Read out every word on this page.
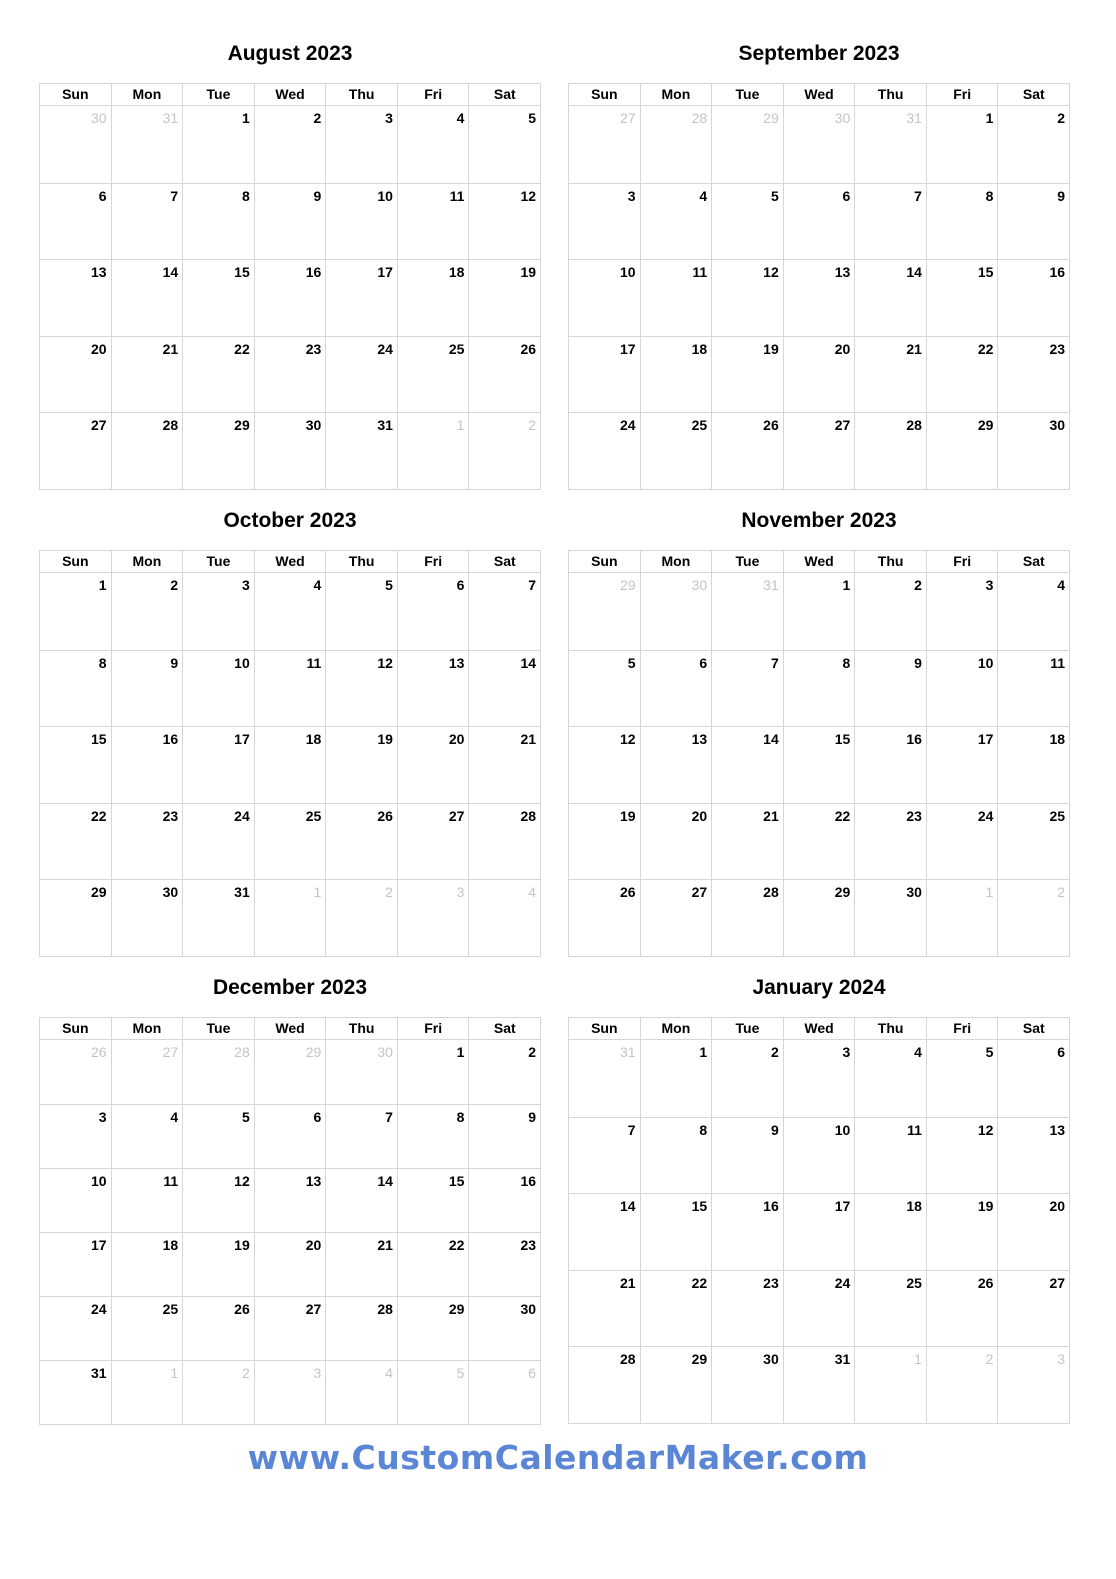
August 2023
Sun	Mon	Tue	Wed	Thu	Fri	Sat
30	31	1	2	3	4	5
6	7	8	9	10	11	12
13	14	15	16	17	18	19
20	21	22	23	24	25	26
27	28	29	30	31	1	2
September 2023
Sun	Mon	Tue	Wed	Thu	Fri	Sat
27	28	29	30	31	1	2
3	4	5	6	7	8	9
10	11	12	13	14	15	16
17	18	19	20	21	22	23
24	25	26	27	28	29	30
October 2023
Sun	Mon	Tue	Wed	Thu	Fri	Sat
1	2	3	4	5	6	7
8	9	10	11	12	13	14
15	16	17	18	19	20	21
22	23	24	25	26	27	28
29	30	31	1	2	3	4
November 2023
Sun	Mon	Tue	Wed	Thu	Fri	Sat
29	30	31	1	2	3	4
5	6	7	8	9	10	11
12	13	14	15	16	17	18
19	20	21	22	23	24	25
26	27	28	29	30	1	2
December 2023
Sun	Mon	Tue	Wed	Thu	Fri	Sat
26	27	28	29	30	1	2
3	4	5	6	7	8	9
10	11	12	13	14	15	16
17	18	19	20	21	22	23
24	25	26	27	28	29	30
31	1	2	3	4	5	6
January 2024
Sun	Mon	Tue	Wed	Thu	Fri	Sat
31	1	2	3	4	5	6
7	8	9	10	11	12	13
14	15	16	17	18	19	20
21	22	23	24	25	26	27
28	29	30	31	1	2	3
www.CustomCalendarMaker.com
